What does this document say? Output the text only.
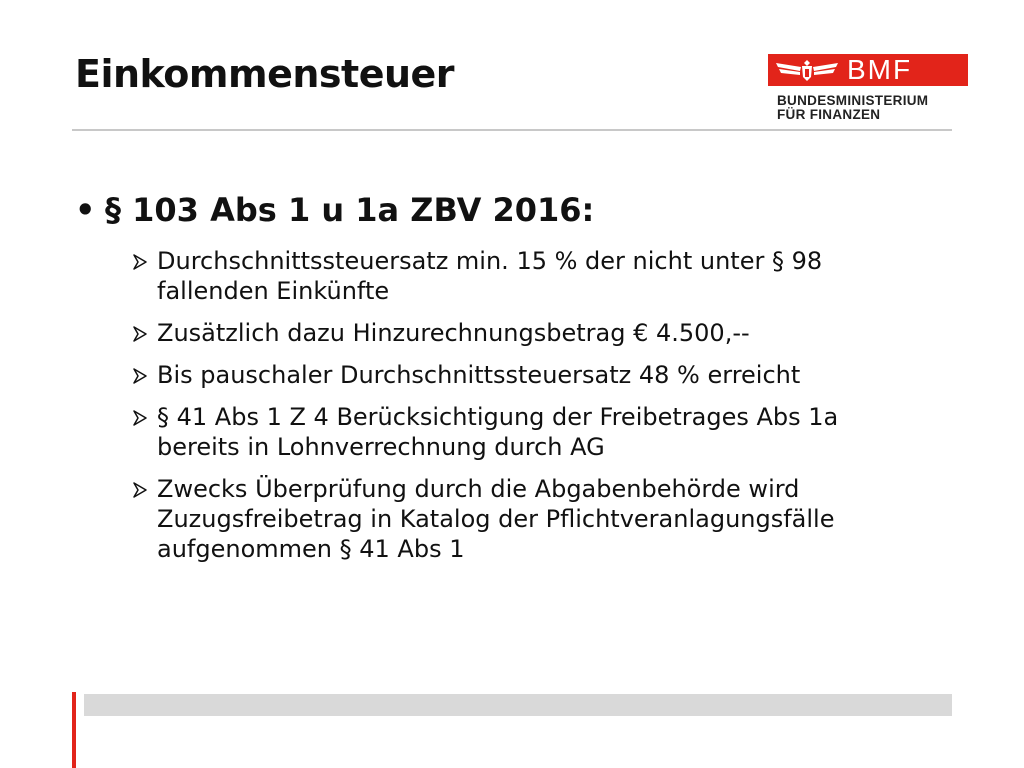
Einkommensteuer	BMF
BUNDESMINISTERIUM
FÜR FINANZEN

• § 103 Abs 1 u 1a ZBV 2016:

Durchschnittssteuersatz min. 15 % der nicht unter § 98
fallenden Einkünfte
Zusätzlich dazu Hinzurechnungsbetrag € 4.500,--
Bis pauschaler Durchschnittssteuersatz 48 % erreicht
§ 41 Abs 1 Z 4 Berücksichtigung der Freibetrages Abs 1a
bereits in Lohnverrechnung durch AG
Zwecks Überprüfung durch die Abgabenbehörde wird
Zuzugsfreibetrag in Katalog der Pflichtveranlagungsfälle
aufgenommen § 41 Abs 1
